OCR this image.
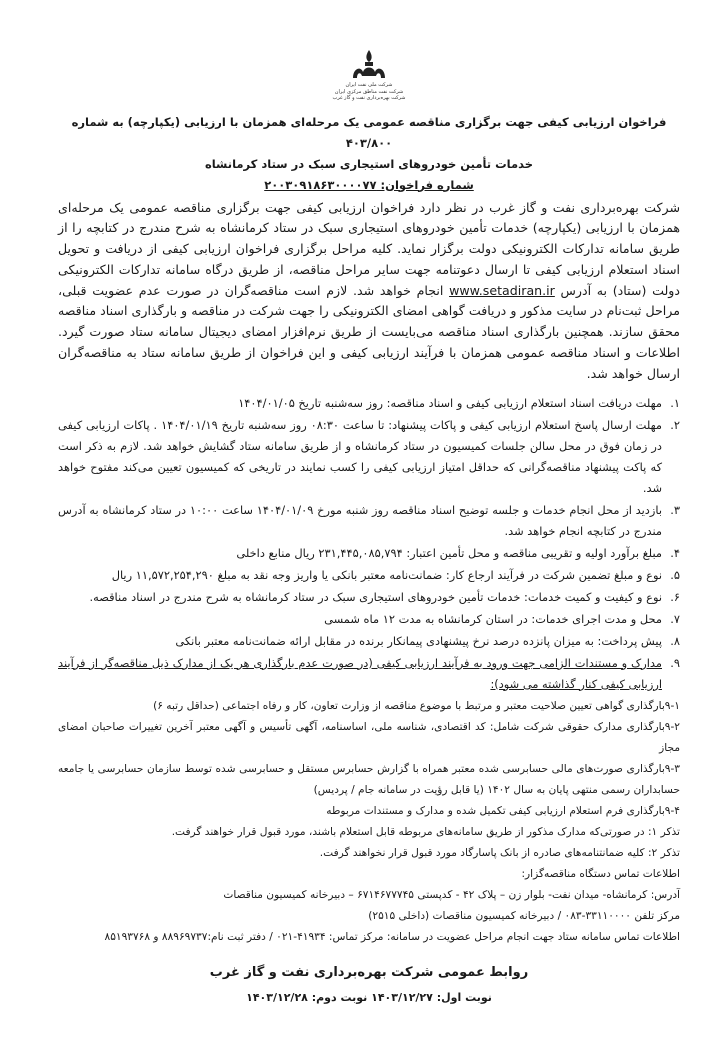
شرکت ملی نفت ایران
شرکت نفت مناطق مرکزی ایران
شرکت بهره‌برداری نفت و گاز غرب
فراخوان ارزیابی کیفی جهت برگزاری مناقصه عمومی یک مرحله‌ای همزمان با ارزیابی (یکپارچه) به شماره ۴۰۳/۸۰۰
خدمات تأمین خودروهای استیجاری سبک در ستاد کرمانشاه
شماره فراخوان: ۲۰۰۳۰۹۱۸۶۳۰۰۰۰۷۷
شرکت بهره‌برداری نفت و گاز غرب در نظر دارد فراخوان ارزیابی کیفی جهت برگزاری مناقصه عمومی یک مرحله‌ای همزمان با ارزیابی (یکپارچه) خدمات تأمین خودروهای استیجاری سبک در ستاد کرمانشاه به شرح مندرج در کتابچه را از طریق سامانه تدارکات الکترونیکی دولت برگزار نماید. کلیه مراحل برگزاری فراخوان ارزیابی کیفی از دریافت و تحویل اسناد استعلام ارزیابی کیفی تا ارسال دعوتنامه جهت سایر مراحل مناقصه، از طریق درگاه سامانه تدارکات الکترونیکی دولت (ستاد) به آدرس www.setadiran.ir انجام خواهد شد. لازم است مناقصه‌گران در صورت عدم عضویت قبلی، مراحل ثبت‌نام در سایت مذکور و دریافت گواهی امضای الکترونیکی را جهت شرکت در مناقصه و بارگذاری اسناد مناقصه محقق سازند. همچنین بارگذاری اسناد مناقصه می‌بایست از طریق نرم‌افزار امضای دیجیتال سامانه ستاد صورت گیرد. اطلاعات و اسناد مناقصه عمومی همزمان با فرآیند ارزیابی کیفی و این فراخوان از طریق سامانه ستاد به مناقصه‌گران ارسال خواهد شد.
۱.
مهلت دریافت اسناد استعلام ارزیابی کیفی و اسناد مناقصه: روز سه‌شنبه تاریخ ۱۴۰۴/۰۱/۰۵
۲.
مهلت ارسال پاسخ استعلام ارزیابی کیفی و پاکات پیشنهاد: تا ساعت ۰۸:۳۰ روز سه‌شنبه تاریخ ۱۴۰۴/۰۱/۱۹ . پاکات ارزیابی کیفی در زمان فوق در محل سالن جلسات کمیسیون در ستاد کرمانشاه و از طریق سامانه ستاد گشایش خواهد شد. لازم به ذکر است که پاکت پیشنهاد مناقصه‌گرانی که حداقل امتیاز ارزیابی کیفی را کسب نمایند در تاریخی که کمیسیون تعیین می‌کند مفتوح خواهد شد.
۳.
بازدید از محل انجام خدمات و جلسه توضیح اسناد مناقصه روز شنبه مورخ ۱۴۰۴/۰۱/۰۹ ساعت ۱۰:۰۰ در ستاد کرمانشاه به آدرس مندرج در کتابچه انجام خواهد شد.
۴.
مبلغ برآورد اولیه و تقریبی مناقصه و محل تأمین اعتبار: ۲۳۱,۴۴۵,۰۸۵,۷۹۴ ریال منابع داخلی
۵.
نوع و مبلغ تضمین شرکت در فرآیند ارجاع کار: ضمانت‌نامه معتبر بانکی یا واریز وجه نقد به مبلغ ۱۱,۵۷۲,۲۵۴,۲۹۰ ریال
۶.
نوع و کیفیت و کمیت خدمات: خدمات تأمین خودروهای استیجاری سبک در ستاد کرمانشاه به شرح مندرج در اسناد مناقصه.
۷.
محل و مدت اجرای خدمات: در استان کرمانشاه به مدت ۱۲ ماه شمسی
۸.
پیش پرداخت: به میزان پانزده درصد نرخ پیشنهادی پیمانکار برنده در مقابل ارائه ضمانت‌نامه معتبر بانکی
۹.
مدارک و مستندات الزامی جهت ورود به فرآیند ارزیابی کیفی (در صورت عدم بارگذاری هر یک از مدارک ذیل مناقصه‌گر از فرآیند ارزیابی کیفی کنار گذاشته می شود):
۹-۱بارگذاری گواهی تعیین صلاحیت معتبر و مرتبط با موضوع مناقصه از وزارت تعاون، کار و رفاه اجتماعی (حداقل رتبه ۶)
۹-۲بارگذاری مدارک حقوقی شرکت شامل: کد اقتصادی، شناسه ملی، اساسنامه، آگهی تأسیس و آگهی معتبر آخرین تغییرات صاحبان امضای مجاز
۹-۳بارگذاری صورت‌های مالی حسابرسی شده معتبر همراه با گزارش حسابرس مستقل و حسابرسی شده توسط سازمان حسابرسی یا جامعه حسابداران رسمی منتهی پایان به سال ۱۴۰۲ (یا قابل رؤیت در سامانه جام / پردیس)
۹-۴بارگذاری فرم استعلام ارزیابی کیفی تکمیل شده و مدارک و مستندات مربوطه
تذکر ۱: در صورتی‌که مدارک مذکور از طریق سامانه‌های مربوطه قابل استعلام باشند، مورد قبول قرار خواهند گرفت.
تذکر ۲: کلیه ضمانتنامه‌های صادره از بانک پاسارگاد مورد قبول قرار نخواهند گرفت.
اطلاعات تماس دستگاه مناقصه‌گزار:
آدرس: کرمانشاه- میدان نفت- بلوار زن – پلاک ۴۲ - کدپستی ۶۷۱۴۶۷۷۷۴۵ – دبیرخانه کمیسیون مناقصات
مرکز تلفن ۳۳۱۱۰۰۰۰-۰۸۳ / دبیرخانه کمیسیون مناقصات (داخلی ۲۵۱۵)
اطلاعات تماس سامانه ستاد جهت انجام مراحل عضویت در سامانه: مرکز تماس: ۴۱۹۳۴-۰۲۱ / دفتر ثبت نام:۸۸۹۶۹۷۳۷ و ۸۵۱۹۳۷۶۸
روابط عمومی شرکت بهره‌برداری نفت و گاز غرب
نوبت اول: ۱۴۰۳/۱۲/۲۷ نوبت دوم: ۱۴۰۳/۱۲/۲۸
